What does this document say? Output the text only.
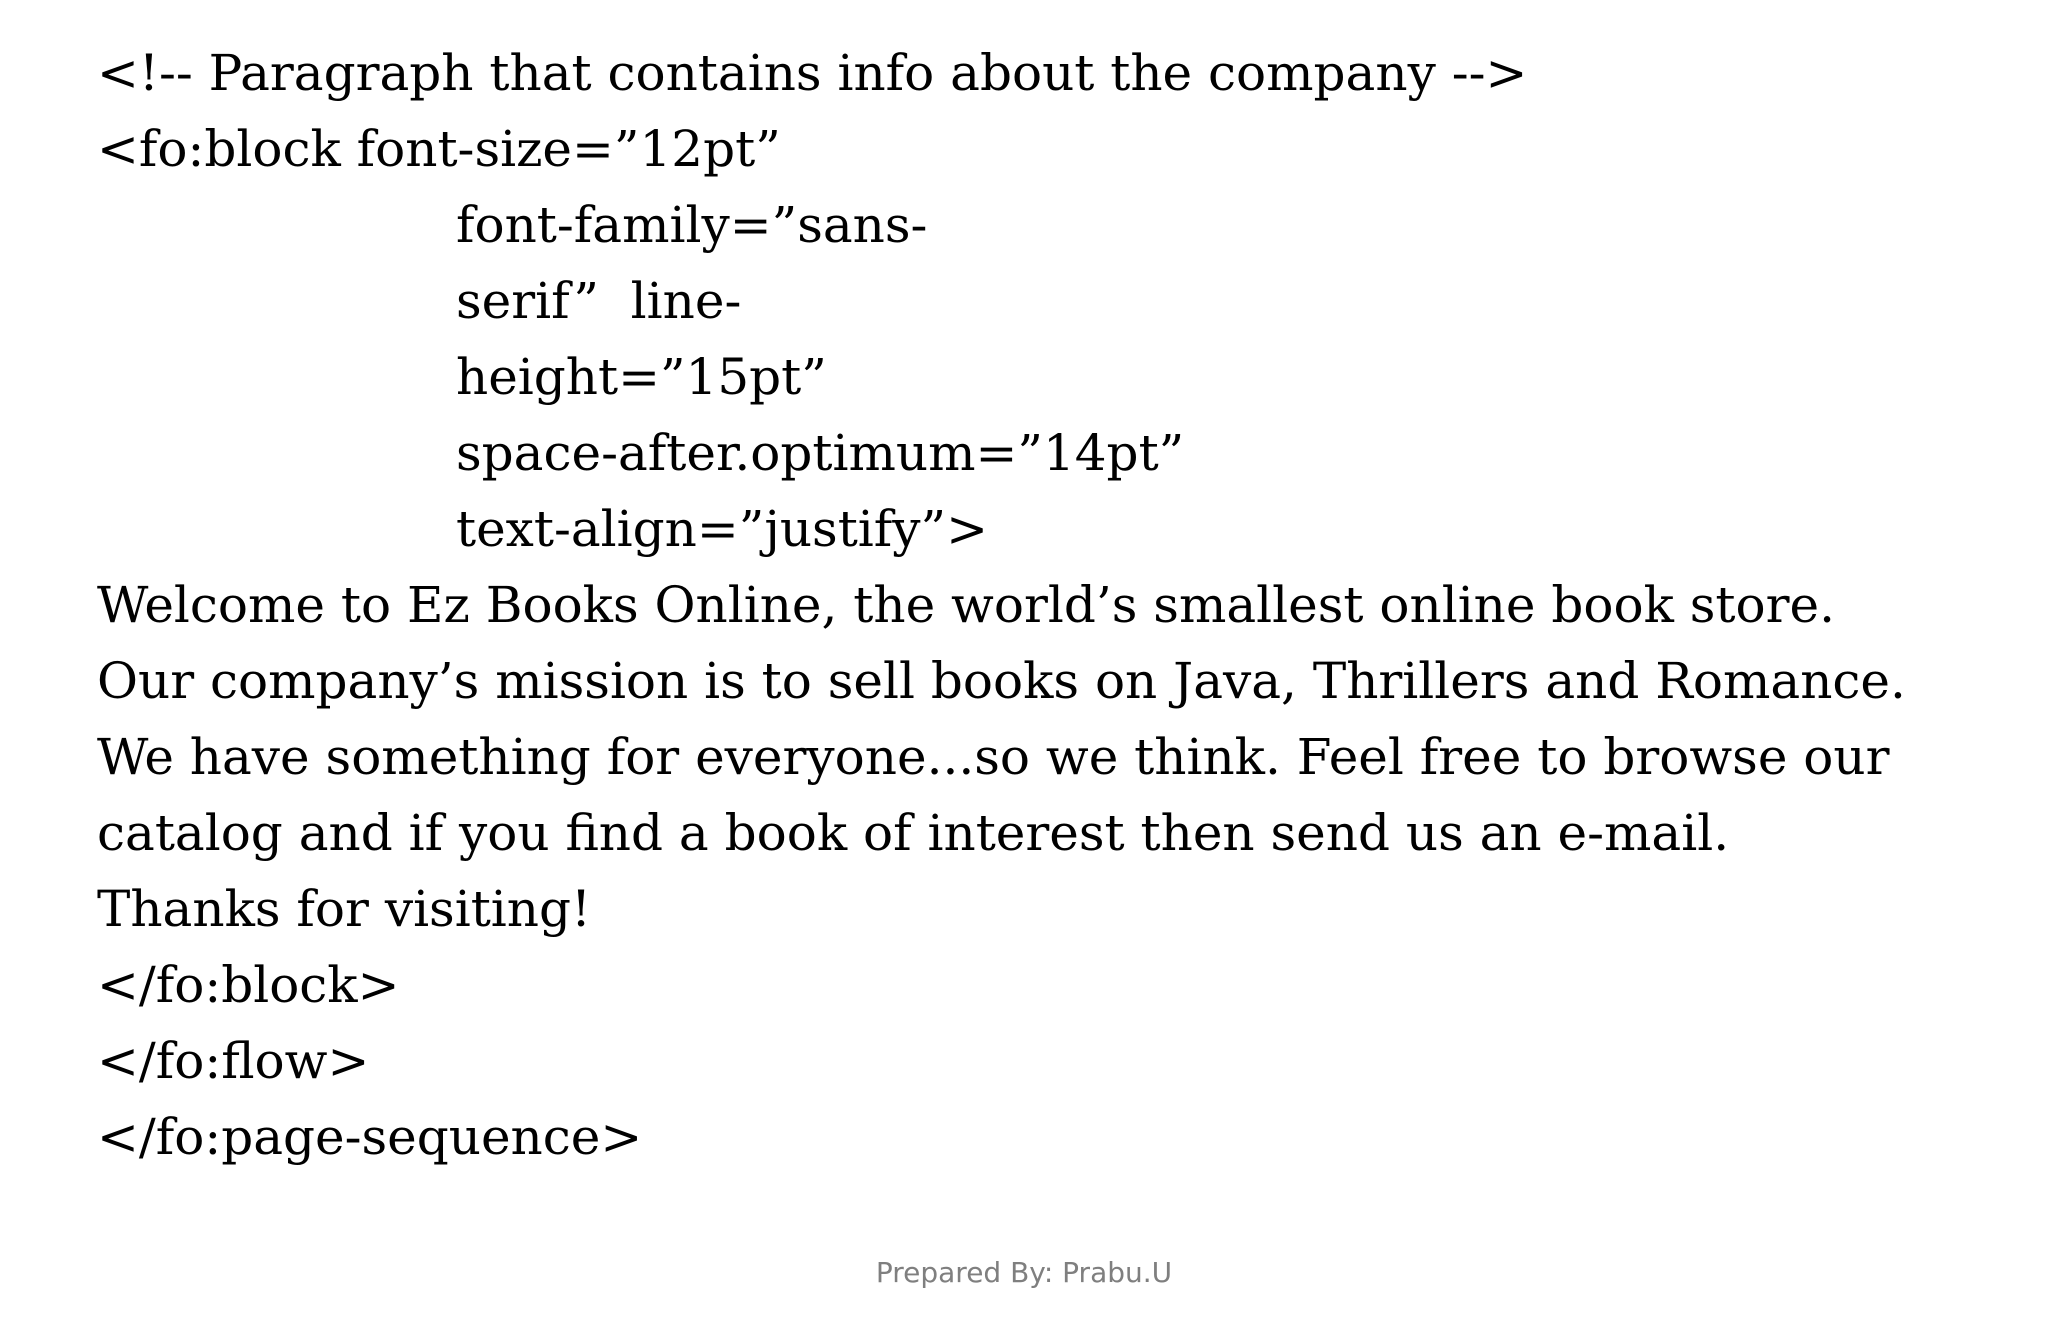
<!-- Paragraph that contains info about the company -->

<fo:block font-size=”12pt”

font-family=”sans-

serif”  line-

height=”15pt”

space-after.optimum=”14pt”

text-align=”justify”>

Welcome to Ez Books Online, the world’s smallest online book store.

Our company’s mission is to sell books on Java, Thrillers and Romance.

We have something for everyone...so we think. Feel free to browse our

catalog and if you find a book of interest then send us an e-mail.

Thanks for visiting!

</fo:block>

</fo:flow>

</fo:page-sequence>

Prepared By: Prabu.U
